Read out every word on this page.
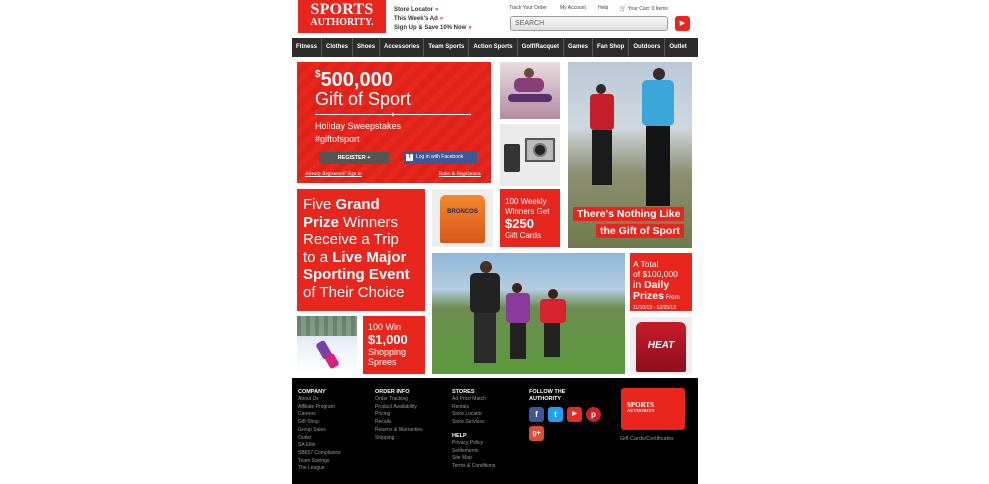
SPORTS
AUTHORITY.
Store Locator »
This Week's Ad »
Sign Up & Save 10% Now »
Track Your Order	My Account Help 🛒 Your Cart: 0 Items
SEARCH	▶
Fitness	Clothes	Shoes	Accessories	Team Sports	Action Sports	Golf/Racquet	Games	Fan Shop	Outdoors	Outlet
$500,000
Gift of Sport
✦
Holiday Sweepstakes
#giftofsport
REGISTER +	f Log in with Facebook
Already Registered? Sign in	Rules & Regulations
There's Nothing Like
the Gift of Sport
Five Grand
Prize Winners
Receive a Trip
to a Live Major
Sporting Event
of Their Choice
BRONCOS
100 Weekly
Winners Get
$250
Gift Cards
A Total
of $100,000
in Daily
Prizes From
11/10/13 - 12/25/13
HEAT
100 Win
$1,000
Shopping
Sprees
COMPANY
About Us
Affiliate Program
Careers
Gift Shop
Group Sales
Outlet
SA Elite
SB657 Compliance
Team Savings
The League
ORDER INFO
Order Tracking
Product Availability
Pricing
Recalls
Returns & Warranties
Shipping
STORES
Ad Price Match
Rentals
Store Locator
Store Services
HELP
Privacy Policy
Settlements
Site Map
Terms & Conditions
FOLLOW THE
AUTHORITY
f	t	▶	p
g+
SPORTS
AUTHORITY
Gift Cards/Certificates
